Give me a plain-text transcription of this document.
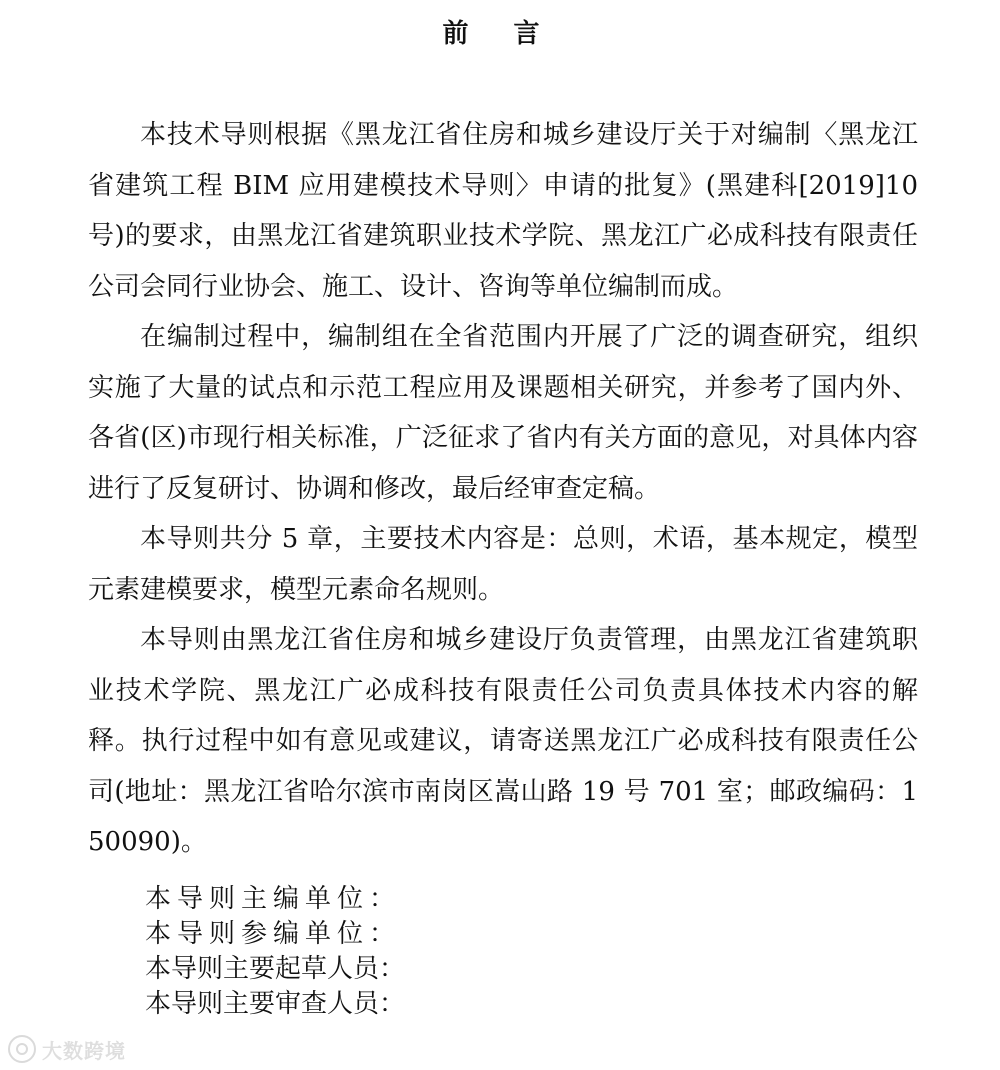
前 言

本技术导则根据《黑龙江省住房和城乡建设厅关于对编制〈黑龙江省建筑工程 BIM 应用建模技术导则〉申请的批复》(黑建科[2019]10 号)的要求，由黑龙江省建筑职业技术学院、黑龙江广必成科技有限责任公司会同行业协会、施工、设计、咨询等单位编制而成。

在编制过程中，编制组在全省范围内开展了广泛的调查研究，组织实施了大量的试点和示范工程应用及课题相关研究，并参考了国内外、各省(区)市现行相关标准，广泛征求了省内有关方面的意见，对具体内容进行了反复研讨、协调和修改，最后经审查定稿。

本导则共分 5 章，主要技术内容是：总则，术语，基本规定，模型元素建模要求，模型元素命名规则。

本导则由黑龙江省住房和城乡建设厅负责管理，由黑龙江省建筑职业技术学院、黑龙江广必成科技有限责任公司负责具体技术内容的解释。执行过程中如有意见或建议，请寄送黑龙江广必成科技有限责任公司(地址：黑龙江省哈尔滨市南岗区嵩山路 19 号 701 室；邮政编码：150090)。

本导则主编单位：

本导则参编单位：

本导则主要起草人员：

本导则主要审查人员：

大数跨境
